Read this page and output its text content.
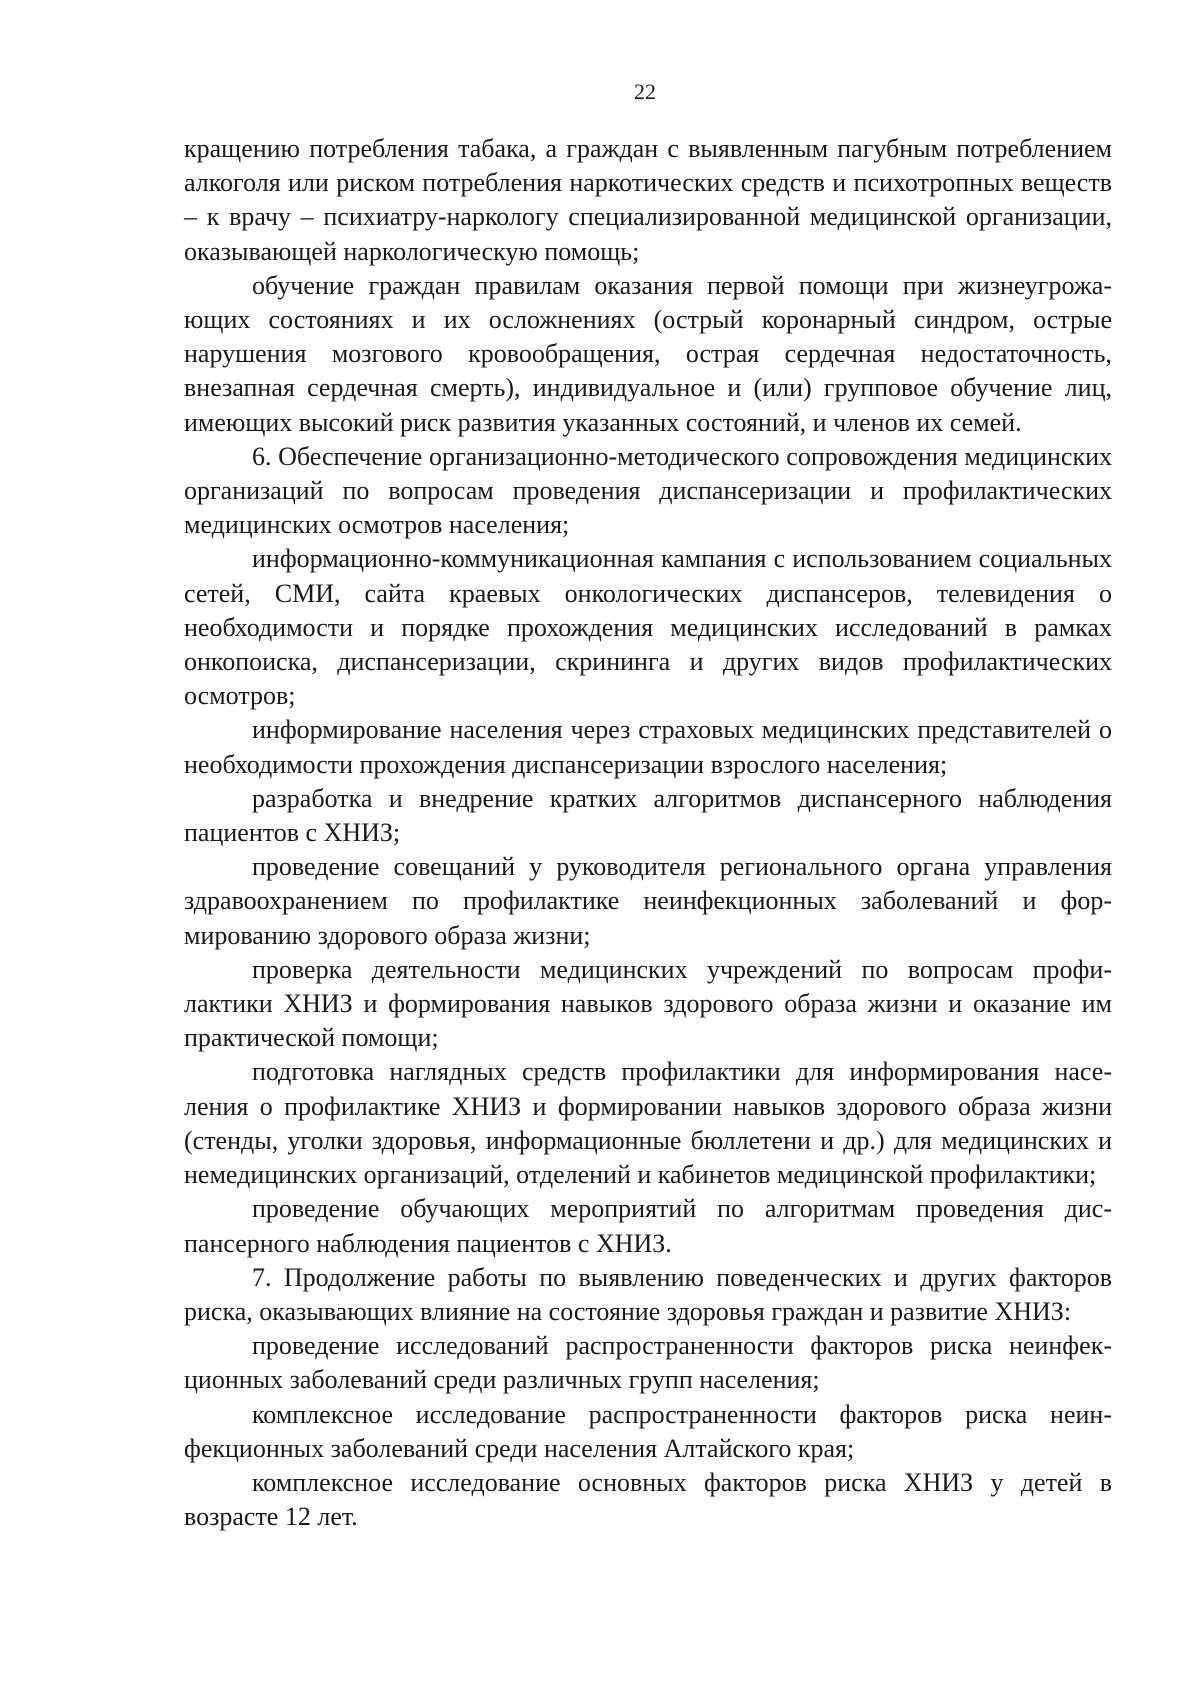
22

кращению потребления табака, а граждан с выявленным пагубным потреблением алкоголя или риском потребления наркотических средств и психотропных веществ – к врачу – психиатру-наркологу специализированной медицинской организации, оказывающей наркологическую помощь;

обучение граждан правилам оказания первой помощи при жизнеугрожающих состояниях и их осложнениях (острый коронарный синдром, острые нарушения мозгового кровообращения, острая сердечная недостаточность, внезапная сердечная смерть), индивидуальное и (или) групповое обучение лиц, имеющих высокий риск развития указанных состояний, и членов их семей.

6. Обеспечение организационно-методического сопровождения медицинских организаций по вопросам проведения диспансеризации и профилактических медицинских осмотров населения;

информационно-коммуникационная кампания с использованием социальных сетей, СМИ, сайта краевых онкологических диспансеров, телевидения о необходимости и порядке прохождения медицинских исследований в рамках онкопоиска, диспансеризации, скрининга и других видов профилактических осмотров;

информирование населения через страховых медицинских представителей о необходимости прохождения диспансеризации взрослого населения;

разработка и внедрение кратких алгоритмов диспансерного наблюдения пациентов с ХНИЗ;

проведение совещаний у руководителя регионального органа управления здравоохранением по профилактике неинфекционных заболеваний и формированию здорового образа жизни;

проверка деятельности медицинских учреждений по вопросам профилактики ХНИЗ и формирования навыков здорового образа жизни и оказание им практической помощи;

подготовка наглядных средств профилактики для информирования населения о профилактике ХНИЗ и формировании навыков здорового образа жизни (стенды, уголки здоровья, информационные бюллетени и др.) для медицинских и немедицинских организаций, отделений и кабинетов медицинской профилактики;

проведение обучающих мероприятий по алгоритмам проведения диспансерного наблюдения пациентов с ХНИЗ.

7. Продолжение работы по выявлению поведенческих и других факторов риска, оказывающих влияние на состояние здоровья граждан и развитие ХНИЗ:

проведение исследований распространенности факторов риска неинфекционных заболеваний среди различных групп населения;

комплексное исследование распространенности факторов риска неинфекционных заболеваний среди населения Алтайского края;

комплексное исследование основных факторов риска ХНИЗ у детей в возрасте 12 лет.
